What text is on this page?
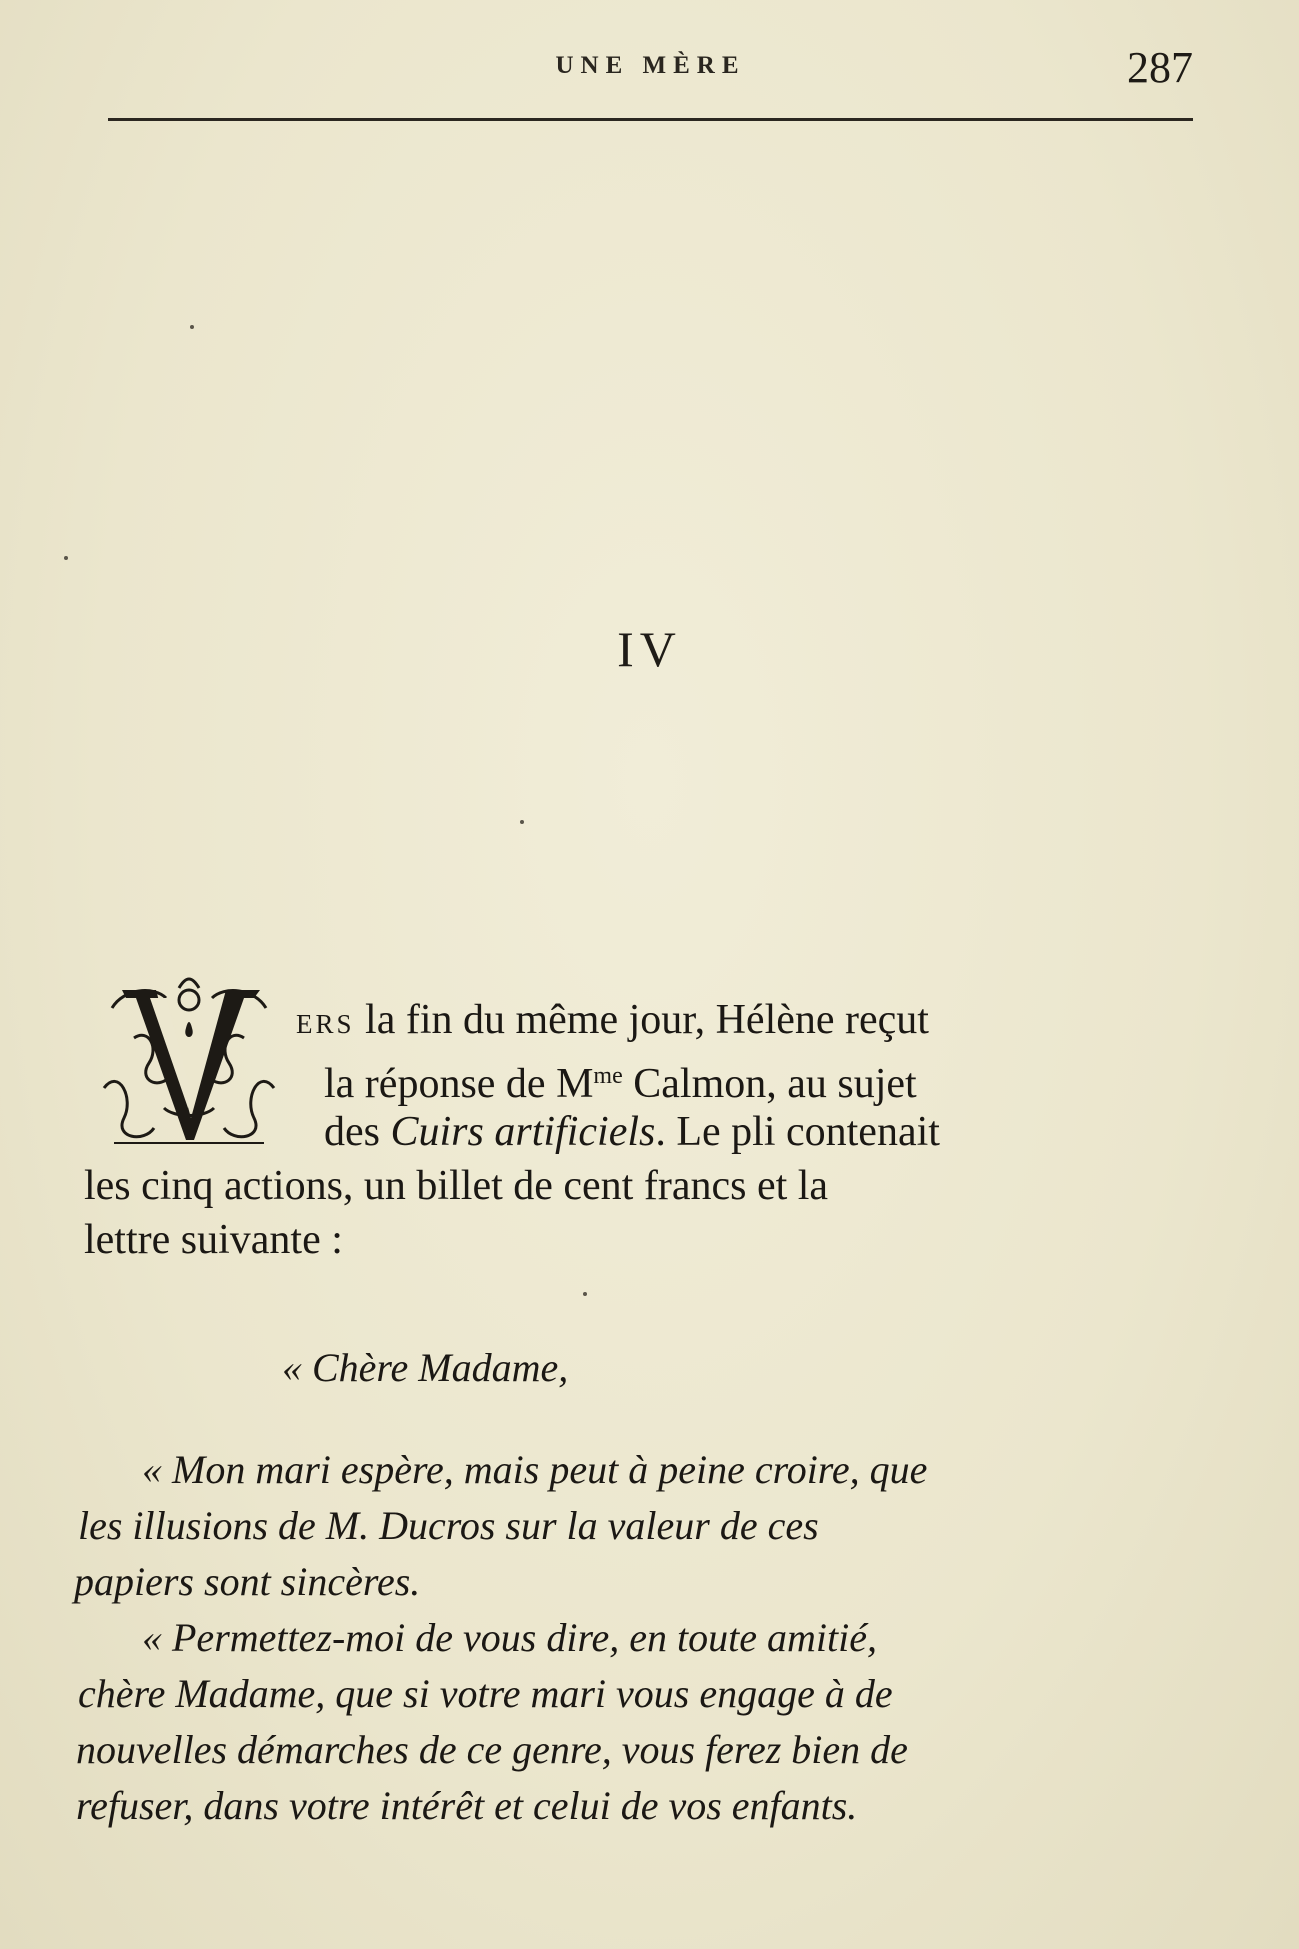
UNE MÈRE	287
IV
V
ERS la fin du même jour, Hélène reçut
la réponse de $M^{me}$ Calmon, au sujet
des Cuirs artificiels. Le pli contenait
les cinq actions, un billet de cent francs et la
lettre suivante :
« Chère Madame,
« Mon mari espère, mais peut à peine croire, que
les illusions de M. Ducros sur la valeur de ces
papiers sont sincères.
« Permettez-moi de vous dire, en toute amitié,
chère Madame, que si votre mari vous engage à de
nouvelles démarches de ce genre, vous ferez bien de
refuser, dans votre intérêt et celui de vos enfants.
